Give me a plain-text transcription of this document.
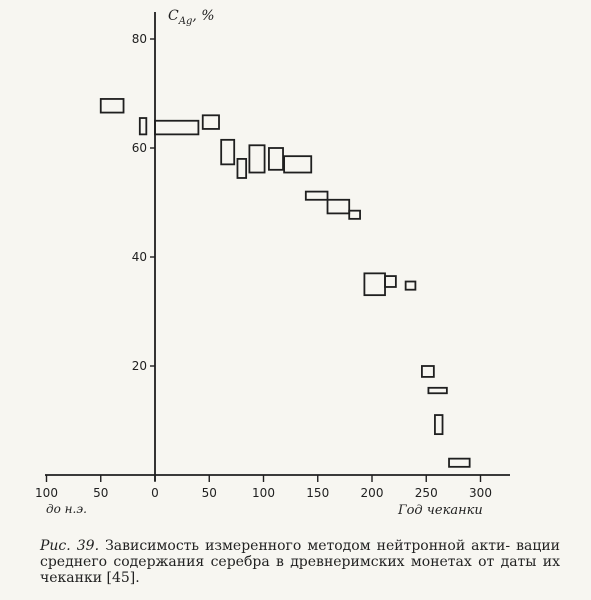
100	50	0	50	100	150	200	250	300
20
40
60
80
$C_{Ag}$, %
до н.э.	Год чеканки
Рис. 39. Зависимость измеренного методом нейтронной акти- вации среднего содержания серебра в древнеримских монетах от даты их чеканки [45].
